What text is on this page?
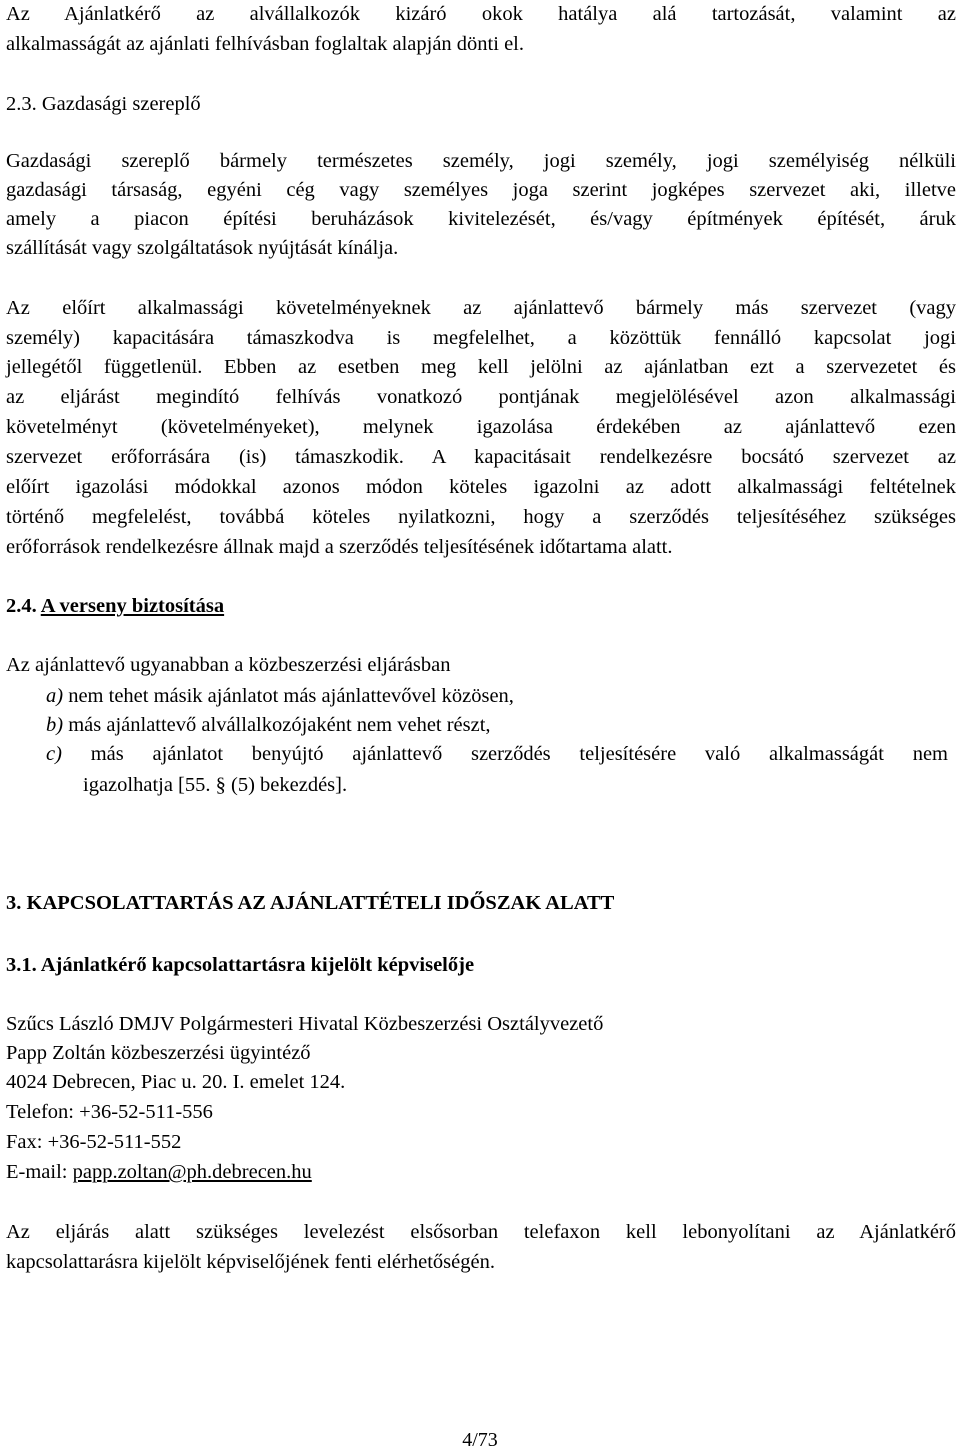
Az Ajánlatkérő az alvállalkozók kizáró okok hatálya alá tartozását, valamint az
alkalmasságát az ajánlati felhívásban foglaltak alapján dönti el.
2.3. Gazdasági szereplő
Gazdasági szereplő bármely természetes személy, jogi személy, jogi személyiség nélküli
gazdasági társaság, egyéni cég vagy személyes joga szerint jogképes szervezet aki, illetve
amely a piacon építési beruházások kivitelezését, és/vagy építmények építését, áruk
szállítását vagy szolgáltatások nyújtását kínálja.
Az előírt alkalmassági követelményeknek az ajánlattevő bármely más szervezet (vagy
személy) kapacitására támaszkodva is megfelelhet, a közöttük fennálló kapcsolat jogi
jellegétől függetlenül. Ebben az esetben meg kell jelölni az ajánlatban ezt a szervezetet és
az eljárást megindító felhívás vonatkozó pontjának megjelölésével azon alkalmassági
követelményt (követelményeket), melynek igazolása érdekében az ajánlattevő ezen
szervezet erőforrására (is) támaszkodik. A kapacitásait rendelkezésre bocsátó szervezet az
előírt igazolási módokkal azonos módon köteles igazolni az adott alkalmassági feltételnek
történő megfelelést, továbbá köteles nyilatkozni, hogy a szerződés teljesítéséhez szükséges
erőforrások rendelkezésre állnak majd a szerződés teljesítésének időtartama alatt.
2.4. A verseny biztosítása
Az ajánlattevő ugyanabban a közbeszerzési eljárásban
a) nem tehet másik ajánlatot más ajánlattevővel közösen,
b) más ajánlattevő alvállalkozójaként nem vehet részt,
c) más ajánlatot benyújtó ajánlattevő szerződés teljesítésére való alkalmasságát nem
igazolhatja [55. § (5) bekezdés].
3. KAPCSOLATTARTÁS AZ AJÁNLATTÉTELI IDŐSZAK ALATT
3.1. Ajánlatkérő kapcsolattartásra kijelölt képviselője
Szűcs László DMJV Polgármesteri Hivatal Közbeszerzési Osztályvezető
Papp Zoltán közbeszerzési ügyintéző
4024 Debrecen, Piac u. 20. I. emelet 124.
Telefon: +36-52-511-556
Fax: +36-52-511-552
E-mail: papp.zoltan@ph.debrecen.hu
Az eljárás alatt szükséges levelezést elsősorban telefaxon kell lebonyolítani az Ajánlatkérő
kapcsolattarásra kijelölt képviselőjének fenti elérhetőségén.
4/73
